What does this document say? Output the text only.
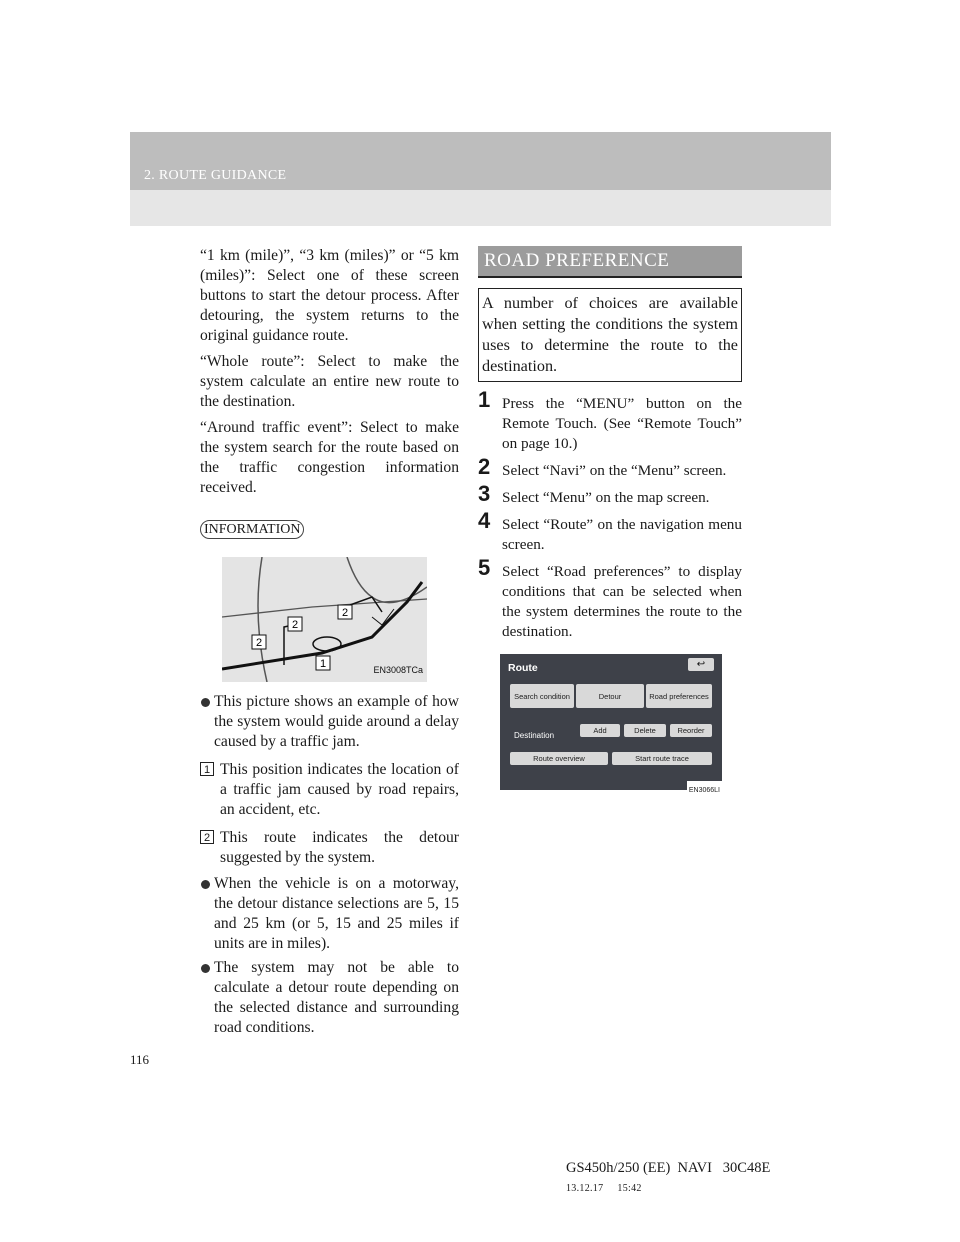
2. ROUTE GUIDANCE

“1 km (mile)”, “3 km (miles)” or “5 km (miles)”: Select one of these screen buttons to start the detour process. After detouring, the system returns to the original guidance route.

“Whole route”: Select to make the system calculate an entire new route to the destination.

“Around traffic event”: Select to make the system search for the route based on the traffic congestion information received.

INFORMATION
1
2
2
2
EN3008TCa
This picture shows an example of how the system would guide around a delay caused by a traffic jam.
1 This position indicates the location of a traffic jam caused by road repairs, an accident, etc.
2 This route indicates the detour suggested by the system.
When the vehicle is on a motorway, the detour distance selections are 5, 15 and 25 km (or 5, 15 and 25 miles if units are in miles).
The system may not be able to calculate a detour route depending on the selected distance and surrounding road conditions.
ROAD PREFERENCE
A number of choices are available when setting the conditions the system uses to determine the route to the destination.
1 Press the “MENU” button on the Remote Touch. (See “Remote Touch” on page 10.)
2 Select “Navi” on the “Menu” screen.
3 Select “Menu” on the map screen.
4 Select “Route” on the navigation menu screen.
5 Select “Road preferences” to display conditions that can be selected when the system determines the route to the destination.
Route	↩
Search condition	Detour	Road preferences
Destination
Add	Delete	Reorder
Route overview	Start route trace
EN3066LI
116
GS450h/250 (EE)  NAVI   30C48E
13.12.17     15:42
